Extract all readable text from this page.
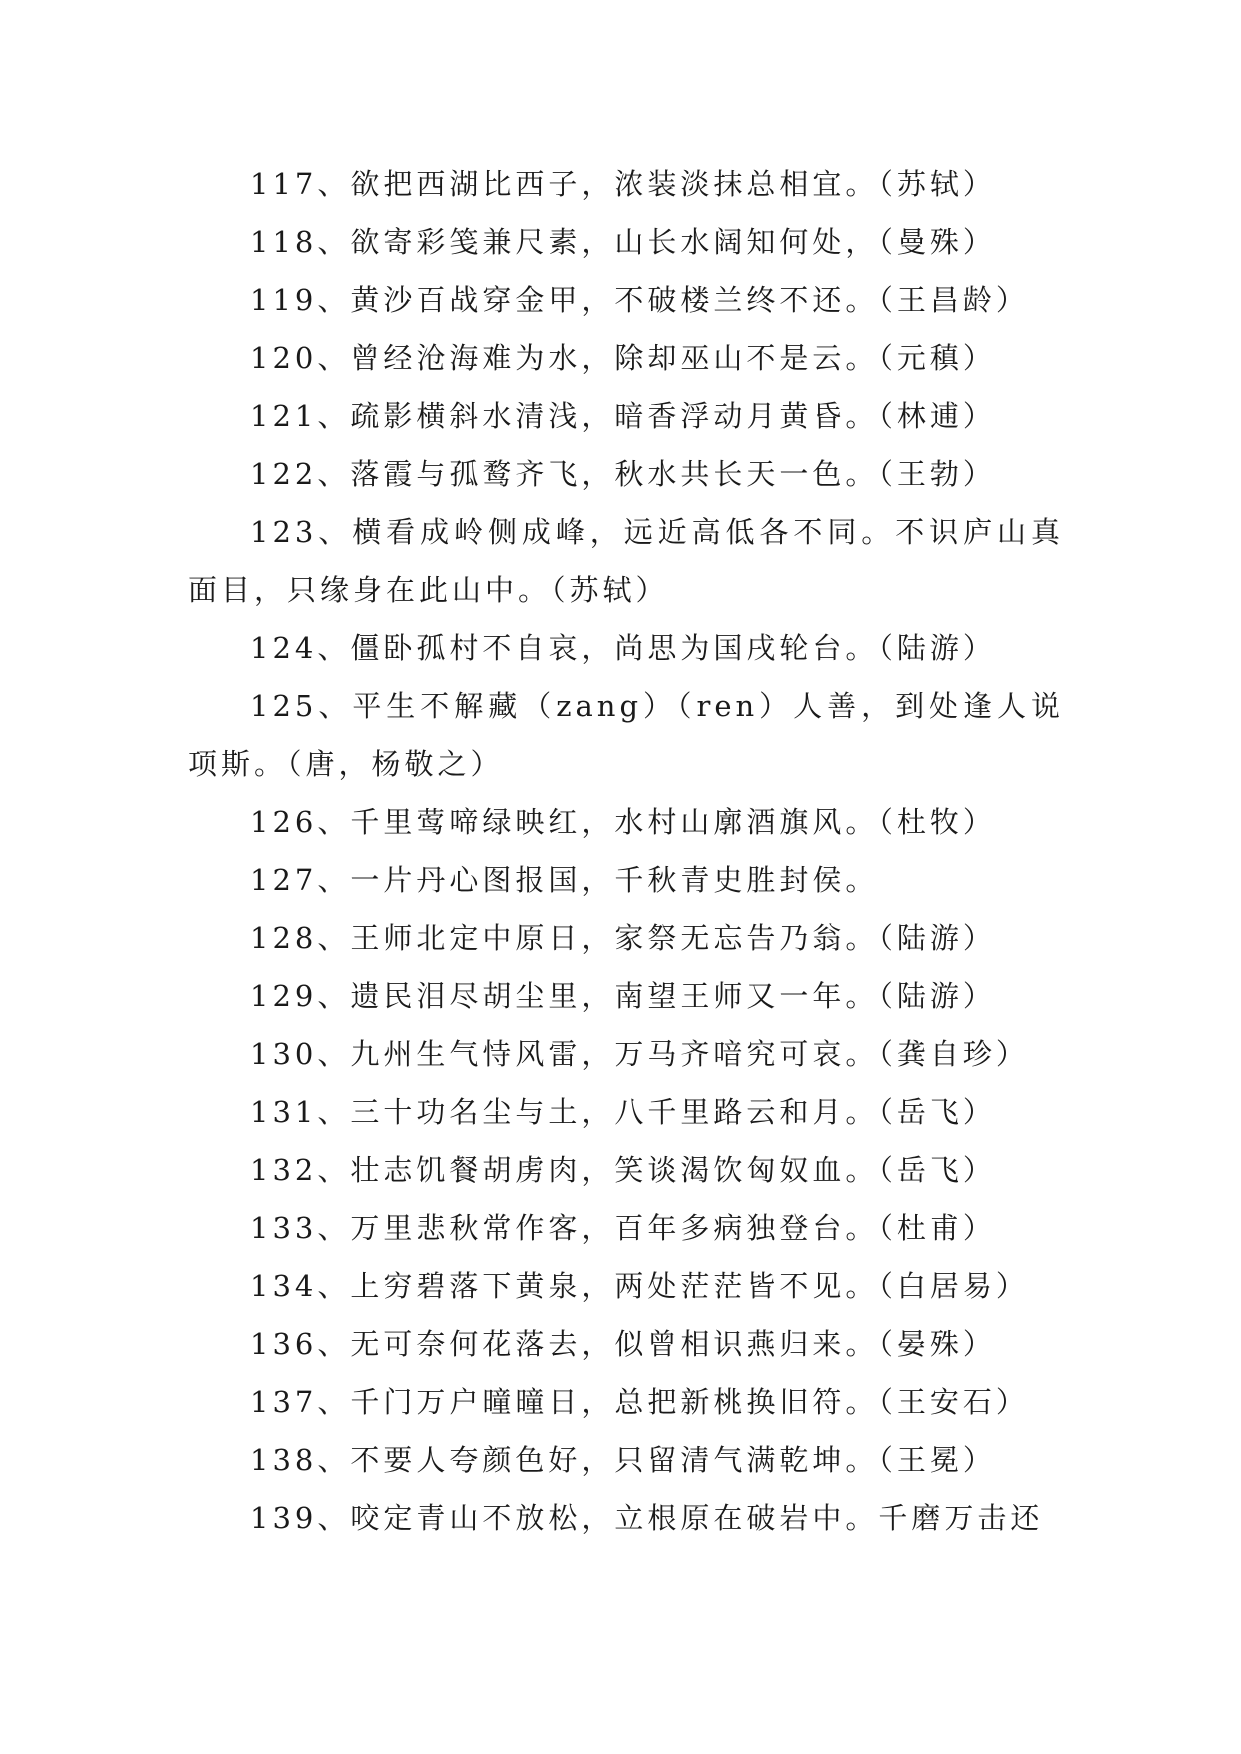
117、欲把西湖比西子，浓装淡抹总相宜。（苏轼）

118、欲寄彩笺兼尺素，山长水阔知何处，（曼殊）

119、黄沙百战穿金甲，不破楼兰终不还。（王昌龄）

120、曾经沧海难为水，除却巫山不是云。（元稹）

121、疏影横斜水清浅，暗香浮动月黄昏。（林逋）

122、落霞与孤鹜齐飞，秋水共长天一色。（王勃）

123、横看成岭侧成峰，远近高低各不同。不识庐山真面目，只缘身在此山中。（苏轼）

124、僵卧孤村不自哀，尚思为国戌轮台。（陆游）

125、平生不解藏（zang）（ren）人善，到处逢人说项斯。（唐，杨敬之）

126、千里莺啼绿映红，水村山廓酒旗风。（杜牧）

127、一片丹心图报国，千秋青史胜封侯。

128、王师北定中原日，家祭无忘告乃翁。（陆游）

129、遗民泪尽胡尘里，南望王师又一年。（陆游）

130、九州生气恃风雷，万马齐喑究可哀。（龚自珍）

131、三十功名尘与土，八千里路云和月。（岳飞）

132、壮志饥餐胡虏肉，笑谈渴饮匈奴血。（岳飞）

133、万里悲秋常作客，百年多病独登台。（杜甫）

134、上穷碧落下黄泉，两处茫茫皆不见。（白居易）

136、无可奈何花落去，似曾相识燕归来。（晏殊）

137、千门万户曈曈日，总把新桃换旧符。（王安石）

138、不要人夸颜色好，只留清气满乾坤。（王冕）

139、咬定青山不放松，立根原在破岩中。千磨万击还
